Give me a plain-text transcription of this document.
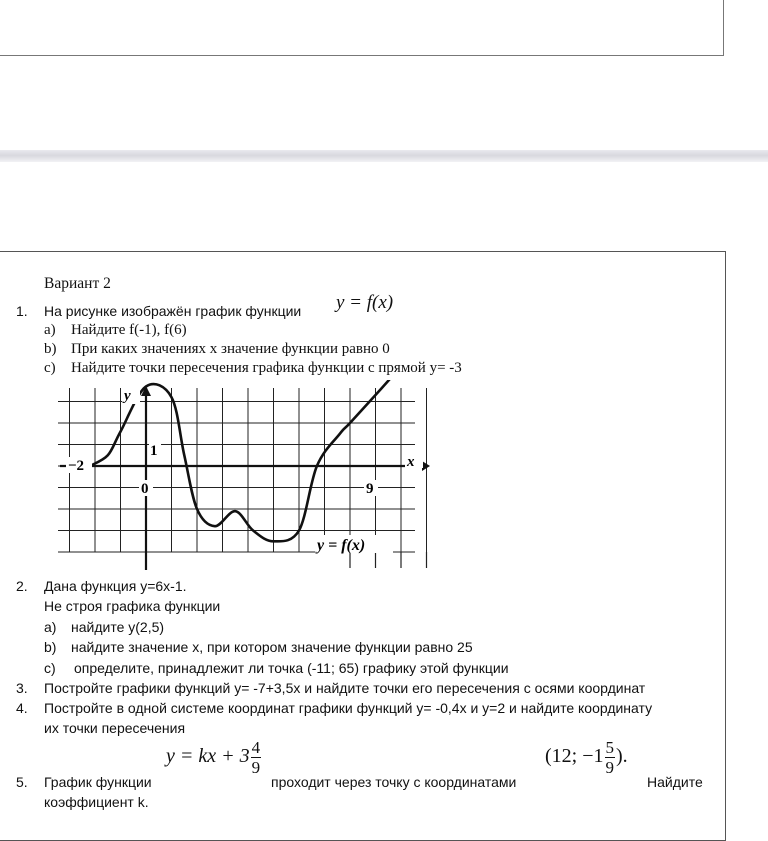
Вариант 2
1. На рисунке изображён график функции y = f(x)
a) Найдите f(-1), f(6)
b) При каких значениях х значение функции равно 0
c) Найдите точки пересечения графика функции с прямой y= -3
y
x
1
−2
0	9
y = f(x)
2. Дана функция y=6x-1.
Не строя графика функции
a) найдите y(2,5)
b) найдите значение х, при котором значение функции равно 25
c) определите, принадлежит ли точка (-11; 65) графику этой функции
3. Постройте графики функций y= -7+3,5x и найдите точки его пересечения с осями координат
4. Постройте в одной системе координат графики функций y= -0,4x и y=2 и найдите координату
их точки пересечения
5. График функции
y = kx + $3 \frac{4}{9}$
проходит через точку с координатами
(12; $-1 \frac{5}{9}$ ).
Найдите
коэффициент k.
